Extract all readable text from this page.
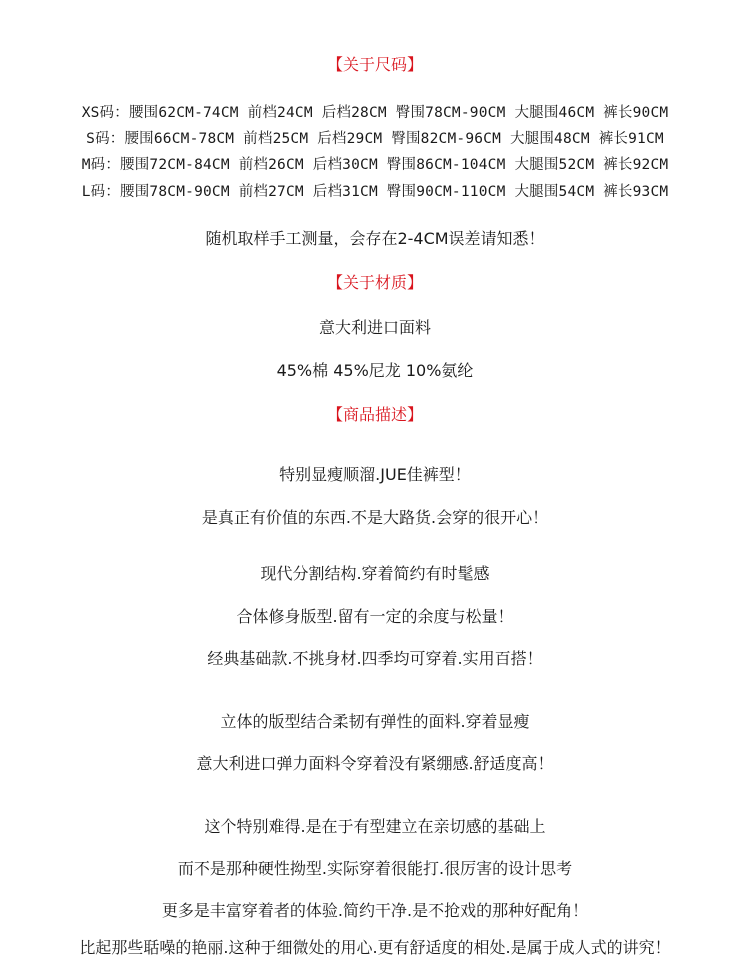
【关于尺码】
XS码：腰围62CM-74CM 前档24CM 后档28CM 臀围78CM-90CM 大腿围46CM 裤长90CM
S码：腰围66CM-78CM 前档25CM 后档29CM 臀围82CM-96CM 大腿围48CM 裤长91CM
M码：腰围72CM-84CM 前档26CM 后档30CM 臀围86CM-104CM 大腿围52CM 裤长92CM
L码：腰围78CM-90CM 前档27CM 后档31CM 臀围90CM-110CM 大腿围54CM 裤长93CM
随机取样手工测量，会存在2-4CM误差请知悉！
【关于材质】
意大利进口面料
45%棉 45%尼龙 10%氨纶
【商品描述】
特别显瘦顺溜.JUE佳裤型！
是真正有价值的东西.不是大路货.会穿的很开心！
现代分割结构.穿着简约有时髦感
合体修身版型.留有一定的余度与松量！
经典基础款.不挑身材.四季均可穿着.实用百搭！
立体的版型结合柔韧有弹性的面料.穿着显瘦
意大利进口弹力面料令穿着没有紧绷感.舒适度高！
这个特别难得.是在于有型建立在亲切感的基础上
而不是那种硬性拗型.实际穿着很能打.很厉害的设计思考
更多是丰富穿着者的体验.简约干净.是不抢戏的那种好配角！
比起那些聒噪的艳丽.这种于细微处的用心.更有舒适度的相处.是属于成人式的讲究！
